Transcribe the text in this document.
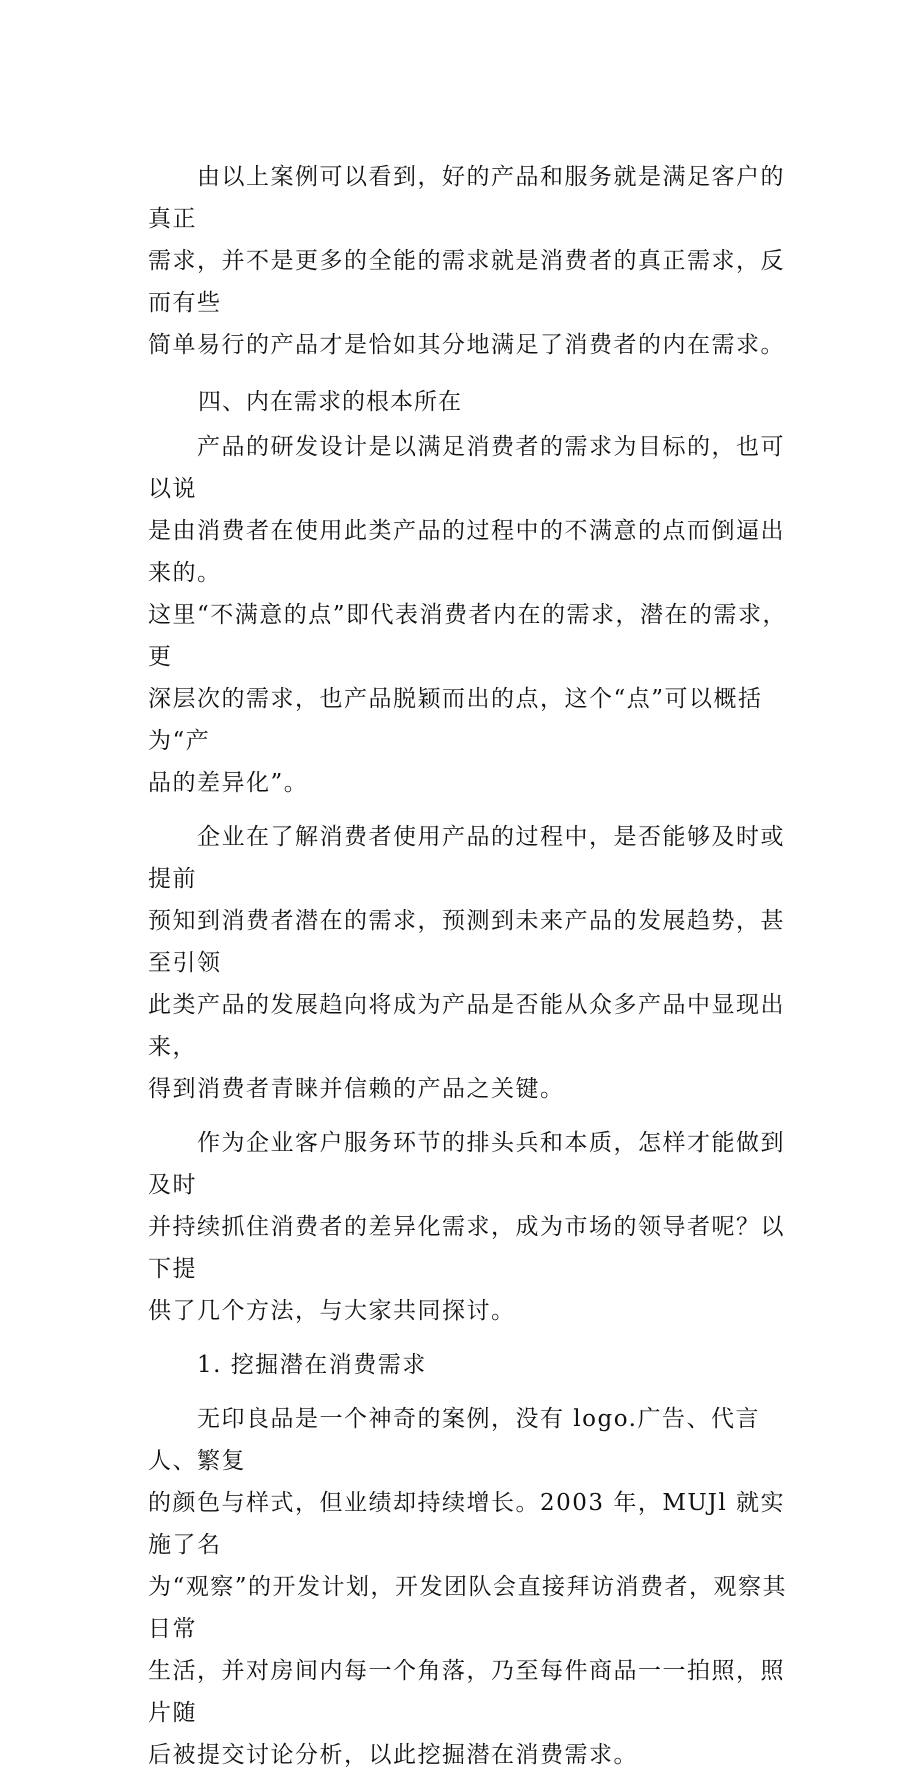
　　由以上案例可以看到，好的产品和服务就是满足客户的真正
需求，并不是更多的全能的需求就是消费者的真正需求，反而有些
简单易行的产品才是恰如其分地满足了消费者的内在需求。

四、内在需求的根本所在

　　产品的研发设计是以满足消费者的需求为目标的，也可以说
是由消费者在使用此类产品的过程中的不满意的点而倒逼出来的。
这里“不满意的点”即代表消费者内在的需求，潜在的需求，更
深层次的需求，也产品脱颖而出的点，这个“点”可以概括为“产
品的差异化”。

　　企业在了解消费者使用产品的过程中，是否能够及时或提前
预知到消费者潜在的需求，预测到未来产品的发展趋势，甚至引领
此类产品的发展趋向将成为产品是否能从众多产品中显现出来，
得到消费者青睐并信赖的产品之关键。

　　作为企业客户服务环节的排头兵和本质，怎样才能做到及时
并持续抓住消费者的差异化需求，成为市场的领导者呢？以下提
供了几个方法，与大家共同探讨。

　　1. 挖掘潜在消费需求

　　无印良品是一个神奇的案例，没有 logo.广告、代言人、繁复
的颜色与样式，但业绩却持续增长。2003 年，MUJl 就实施了名
为“观察”的开发计划，开发团队会直接拜访消费者，观察其日常
生活，并对房间内每一个角落，乃至每件商品一一拍照，照片随
后被提交讨论分析，以此挖掘潜在消费需求。
